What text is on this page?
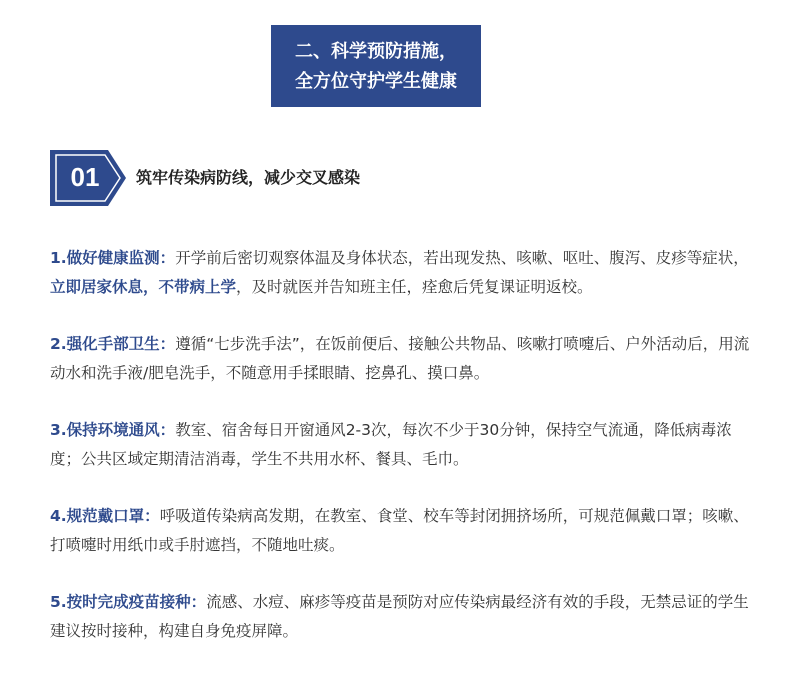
二、科学预防措施，
全方位守护学生健康
01	筑牢传染病防线，减少交叉感染

1.做好健康监测：开学前后密切观察体温及身体状态，若出现发热、咳嗽、呕吐、腹泻、皮疹等症状，立即居家休息，不带病上学，及时就医并告知班主任，痊愈后凭复课证明返校。

2.强化手部卫生：遵循“七步洗手法”，在饭前便后、接触公共物品、咳嗽打喷嚏后、户外活动后，用流动水和洗手液/肥皂洗手，不随意用手揉眼睛、挖鼻孔、摸口鼻。

3.保持环境通风：教室、宿舍每日开窗通风2-3次，每次不少于30分钟，保持空气流通，降低病毒浓度；公共区域定期清洁消毒，学生不共用水杯、餐具、毛巾。

4.规范戴口罩：呼吸道传染病高发期，在教室、食堂、校车等封闭拥挤场所，可规范佩戴口罩；咳嗽、打喷嚏时用纸巾或手肘遮挡，不随地吐痰。

5.按时完成疫苗接种：流感、水痘、麻疹等疫苗是预防对应传染病最经济有效的手段，无禁忌证的学生建议按时接种，构建自身免疫屏障。
